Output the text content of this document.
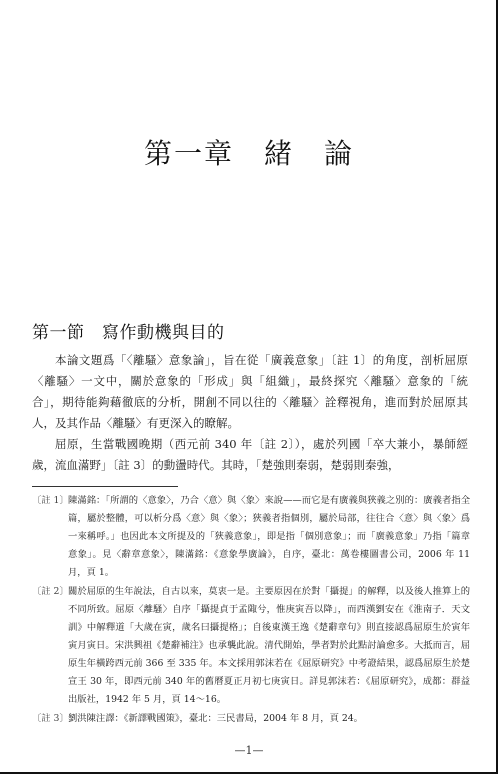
第一章　緒　論
第一節　寫作動機與目的

本論文題爲「〈離騷〉意象論」，旨在從「廣義意象」〔註 1〕的角度，剖析屈原〈離騷〉一文中，關於意象的「形成」與「組織」，最終探究〈離騷〉意象的「統合」，期待能夠藉徹底的分析，開創不同以往的〈離騷〉詮釋視角，進而對於屈原其人，及其作品〈離騷〉有更深入的瞭解。

屈原，生當戰國晚期（西元前 340 年〔註 2〕），處於列國「卒大兼小，暴師經歲，流血滿野」〔註 3〕的動盪時代。其時，「楚強則秦弱，楚弱則秦強，

〔註 1〕 陳滿銘：「所謂的〈意象〉，乃合〈意〉與〈象〉來說——而它是有廣義與狹義之別的：廣義者指全篇，屬於整體，可以析分爲〈意〉與〈象〉；狹義者指個別，屬於局部，往往合〈意〉與〈象〉爲一來稱呼。」也因此本文所提及的「狹義意象」，即是指「個別意象」；而「廣義意象」乃指「篇章意象」。見〈辭章意象〉，陳滿銘：《意象學廣論》，自序，臺北：萬卷樓圖書公司，2006 年 11 月，頁 1。
〔註 2〕 關於屈原的生年說法，自古以來，莫衷一是。主要原因在於對「攝提」的解釋，以及後人推算上的不同所致。屈原〈離騷〉自序「攝提貞于孟陬兮，惟庚寅吾以降」，而西漢劉安在《淮南子．天文訓》中解釋道「大歲在寅，歲名曰攝提格」；自後東漢王逸《楚辭章句》則直接認爲屈原生於寅年寅月寅日。宋洪興祖《楚辭補注》也承襲此說。清代開始，學者對於此點討論愈多。大抵而言，屈原生年橫跨西元前 366 至 335 年。本文採用郭沫若在《屈原研究》中考證結果，認爲屈原生於楚宣王 30 年，即西元前 340 年的舊曆夏正月初七庚寅日。詳見郭沫若：《屈原研究》，成都：群益出版社，1942 年 5 月，頁 14～16。
〔註 3〕 劉洪陳注譯：《新譯戰國策》，臺北：三民書局，2004 年 8 月，頁 24。
—1—
